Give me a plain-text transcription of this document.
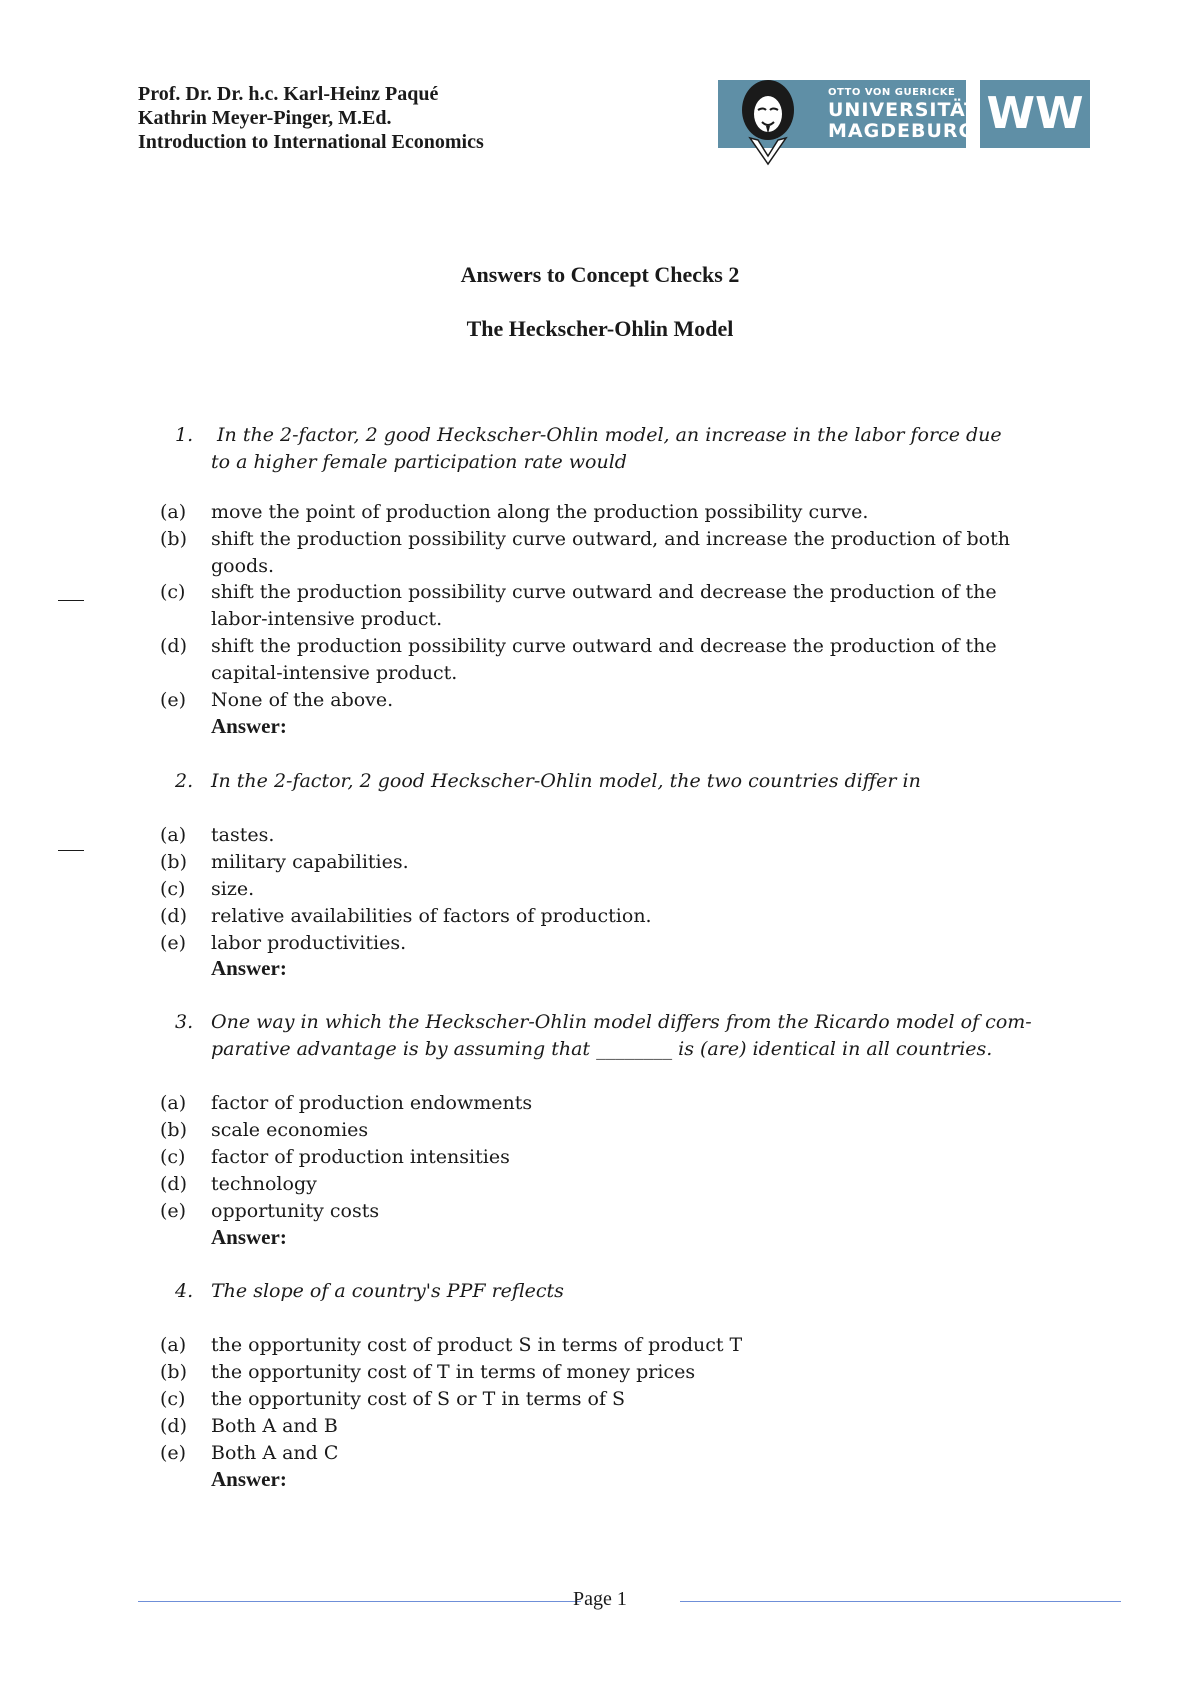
Prof. Dr. Dr. h.c. Karl-Heinz Paqué
Kathrin Meyer-Pinger, M.Ed.
Introduction to International Economics
OTTO VON GUERICKE
UNIVERSITÄT
MAGDEBURG WW
Answers to Concept Checks 2
The Heckscher-Ohlin Model
1. In the 2-factor, 2 good Heckscher-Ohlin model, an increase in the labor force due
to a higher female participation rate would
(a)	move the point of production along the production possibility curve.
(b)	shift the production possibility curve outward, and increase the production of both
goods.
(c)	shift the production possibility curve outward and decrease the production of the
labor-intensive product.
(d)	shift the production possibility curve outward and decrease the production of the
capital-intensive product.
(e)	None of the above.
Answer:
2. In the 2-factor, 2 good Heckscher-Ohlin model, the two countries differ in
(a)	tastes.
(b)	military capabilities.
(c)	size.
(d)	relative availabilities of factors of production.
(e)	labor productivities.
Answer:
3. One way in which the Heckscher-Ohlin model differs from the Ricardo model of com-
parative advantage is by assuming that ________ is (are) identical in all countries.
(a)	factor of production endowments
(b)	scale economies
(c)	factor of production intensities
(d)	technology
(e)	opportunity costs
Answer:
4. The slope of a country's PPF reflects
(a)	the opportunity cost of product S in terms of product T
(b)	the opportunity cost of T in terms of money prices
(c)	the opportunity cost of S or T in terms of S
(d)	Both A and B
(e)	Both A and C
Answer:
Page 1
